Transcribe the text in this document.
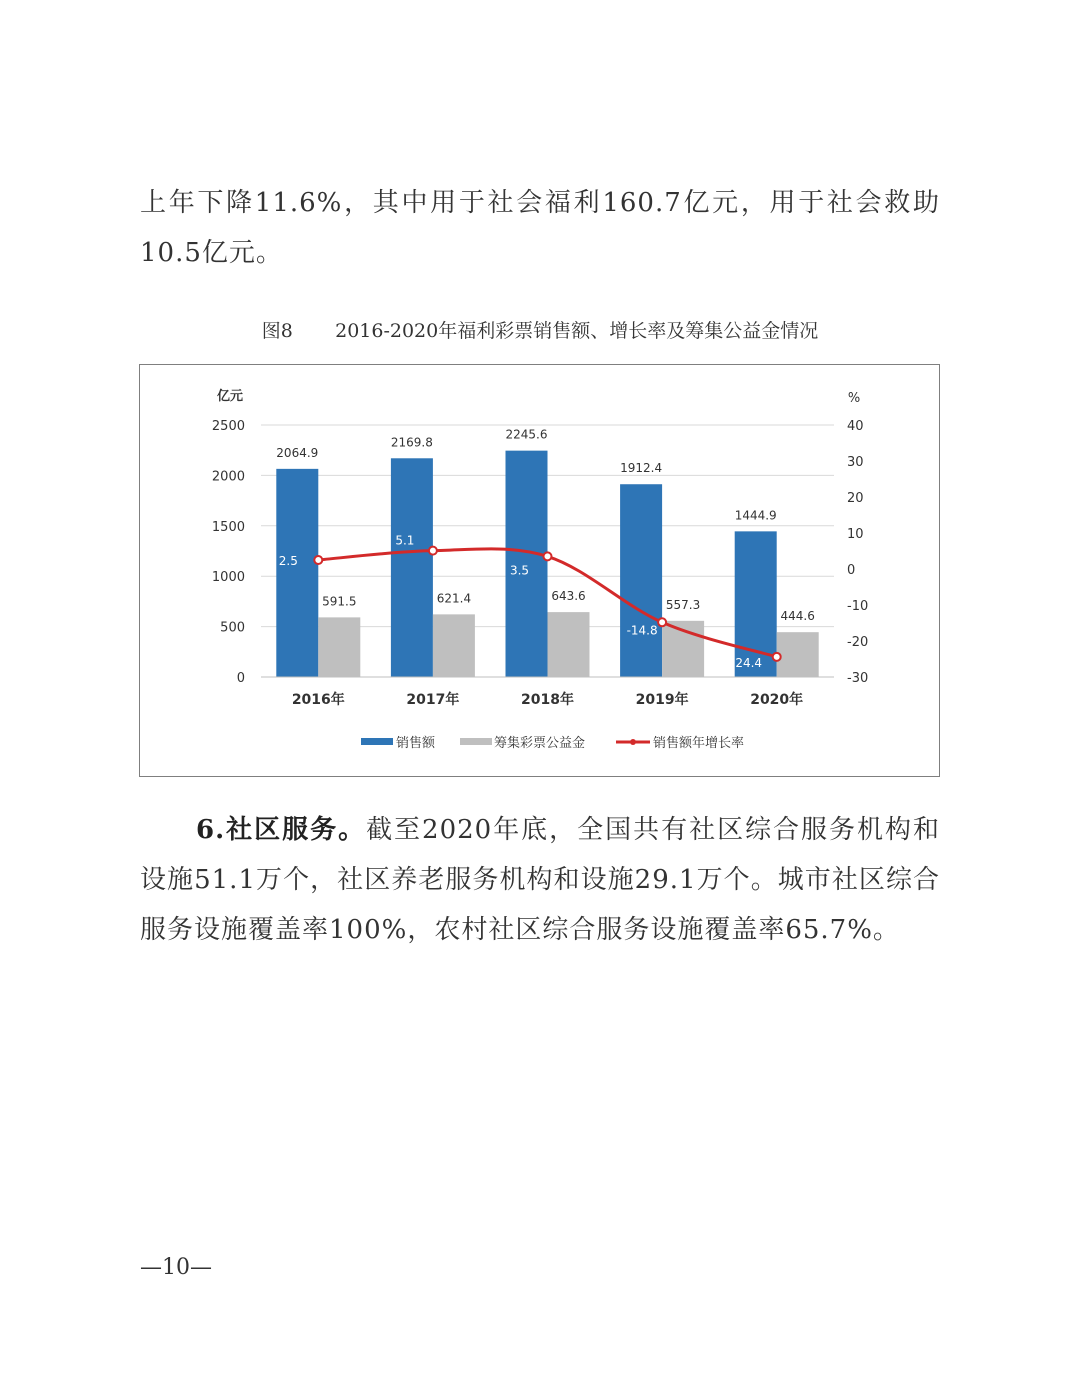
上年下降11.6%，其中用于社会福利160.7亿元，用于社会救助10.5亿元。

图8 2016-2020年福利彩票销售额、增长率及筹集公益金情况
亿元	%
0
500
1000
1500
2000
2500
-30
-20
-10
0
10
20
30
40
2064.9
591.5
2016年
2169.8
621.4
2017年
2245.6
643.6
2018年
1912.4
557.3
2019年
1444.9
444.6
2020年
2.5
5.1
3.5
-14.8
24.4
销售额	筹集彩票公益金	销售额年增长率

6.社区服务。截至2020年底，全国共有社区综合服务机构和设施51.1万个，社区养老服务机构和设施29.1万个。城市社区综合服务设施覆盖率100%，农村社区综合服务设施覆盖率65.7%。

—10—
